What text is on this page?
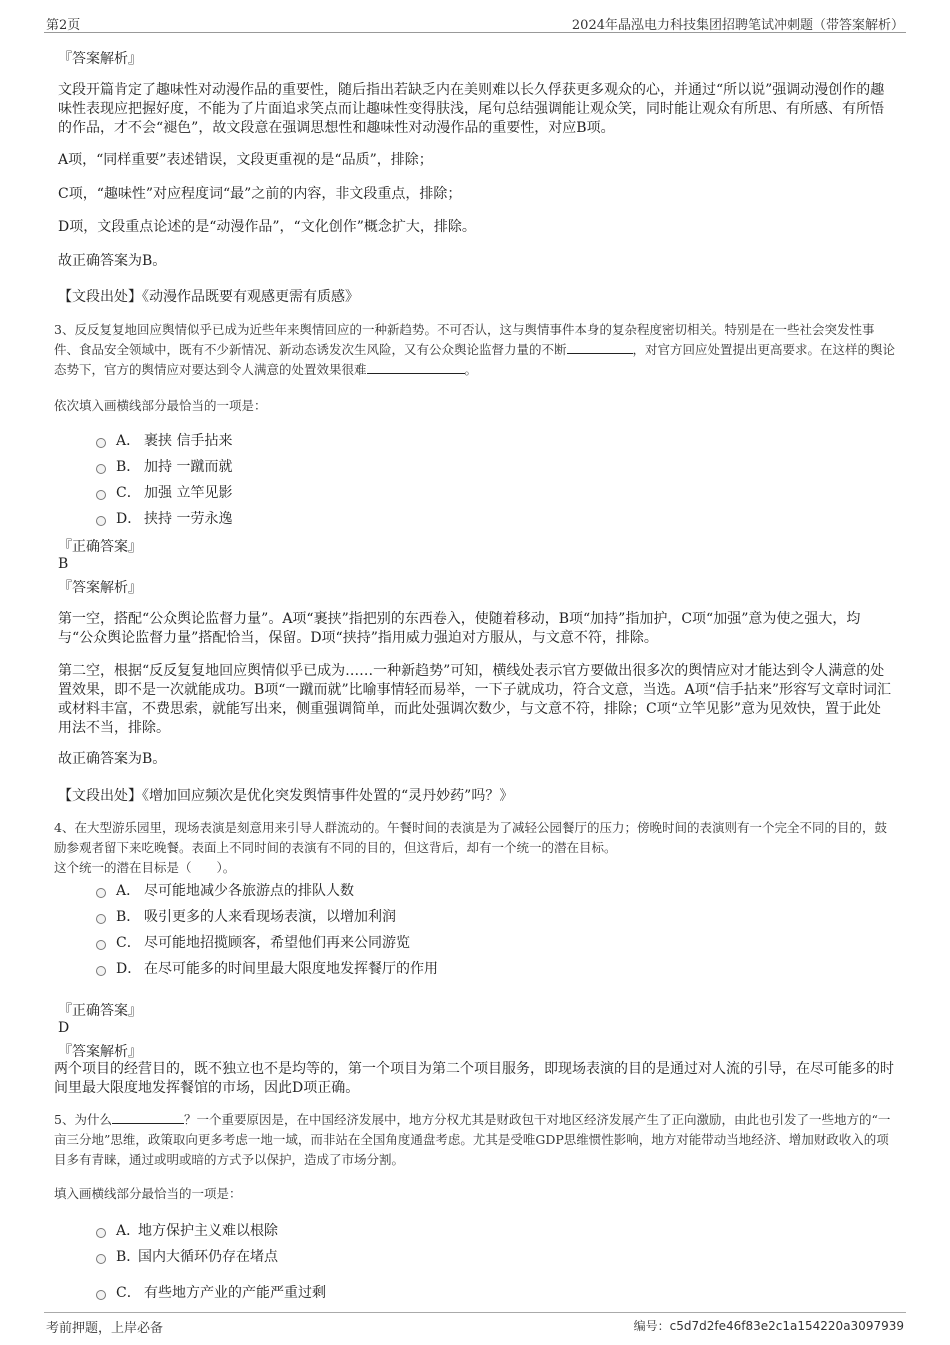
第2页	2024年晶泓电力科技集团招聘笔试冲刺题（带答案解析）
『答案解析』

文段开篇肯定了趣味性对动漫作品的重要性，随后指出若缺乏内在美则难以长久俘获更多观众的心，并通过“所以说”强调动漫创作的趣味性表现应把握好度，不能为了片面追求笑点而让趣味性变得肤浅，尾句总结强调能让观众笑，同时能让观众有所思、有所感、有所悟的作品，才不会“褪色”，故文段意在强调思想性和趣味性对动漫作品的重要性，对应B项。

A项，“同样重要”表述错误，文段更重视的是“品质”，排除；

C项，“趣味性”对应程度词“最”之前的内容，非文段重点，排除；

D项，文段重点论述的是“动漫作品”，“文化创作”概念扩大，排除。

故正确答案为B。

【文段出处】《动漫作品既要有观感更需有质感》

3、反反复复地回应舆情似乎已成为近些年来舆情回应的一种新趋势。不可否认，这与舆情事件本身的复杂程度密切相关。特别是在一些社会突发性事件、食品安全领域中，既有不少新情况、新动态诱发次生风险，又有公众舆论监督力量的不断	，对官方回应处置提出更高要求。在这样的舆论态势下，官方的舆情应对要达到令人满意的处置效果很难	。

依次填入画横线部分最恰当的一项是：

A． 裹挟 信手拈来
B． 加持 一蹴而就
C． 加强 立竿见影
D． 挟持 一劳永逸
『正确答案』
B
『答案解析』

第一空，搭配“公众舆论监督力量”。A项“裹挟”指把别的东西卷入，使随着移动，B项“加持”指加护，C项“加强”意为使之强大，均与“公众舆论监督力量”搭配恰当，保留。D项“挟持”指用威力强迫对方服从，与文意不符，排除。

第二空，根据“反反复复地回应舆情似乎已成为……一种新趋势”可知，横线处表示官方要做出很多次的舆情应对才能达到令人满意的处置效果，即不是一次就能成功。B项“一蹴而就”比喻事情轻而易举，一下子就成功，符合文意，当选。A项“信手拈来”形容写文章时词汇或材料丰富，不费思索，就能写出来，侧重强调简单，而此处强调次数少，与文意不符，排除；C项“立竿见影”意为见效快，置于此处用法不当，排除。

故正确答案为B。

【文段出处】《增加回应频次是优化突发舆情事件处置的“灵丹妙药”吗？》

4、在大型游乐园里，现场表演是刻意用来引导人群流动的。午餐时间的表演是为了减轻公园餐厅的压力；傍晚时间的表演则有一个完全不同的目的，鼓励参观者留下来吃晚餐。表面上不同时间的表演有不同的目的，但这背后，却有一个统一的潜在目标。

这个统一的潜在目标是（　　）。

A． 尽可能地减少各旅游点的排队人数
B． 吸引更多的人来看现场表演，以增加利润
C． 尽可能地招揽顾客，希望他们再来公同游览
D． 在尽可能多的时间里最大限度地发挥餐厅的作用
『正确答案』
D
『答案解析』

两个项目的经营目的，既不独立也不是均等的，第一个项目为第二个项目服务，即现场表演的目的是通过对人流的引导，在尽可能多的时间里最大限度地发挥餐馆的市场，因此D项正确。

5、为什么	？一个重要原因是，在中国经济发展中，地方分权尤其是财政包干对地区经济发展产生了正向激励，由此也引发了一些地方的“一亩三分地”思维，政策取向更多考虑一地一域，而非站在全国角度通盘考虑。尤其是受唯GDP思维惯性影响，地方对能带动当地经济、增加财政收入的项目多有青睐，通过或明或暗的方式予以保护，造成了市场分割。

填入画横线部分最恰当的一项是：

A．
地方保护主义难以根除
B．
国内大循环仍存在堵点
C． 有些地方产业的产能严重过剩
考前押题，上岸必备	编号：c5d7d2fe46f83e2c1a154220a3097939
